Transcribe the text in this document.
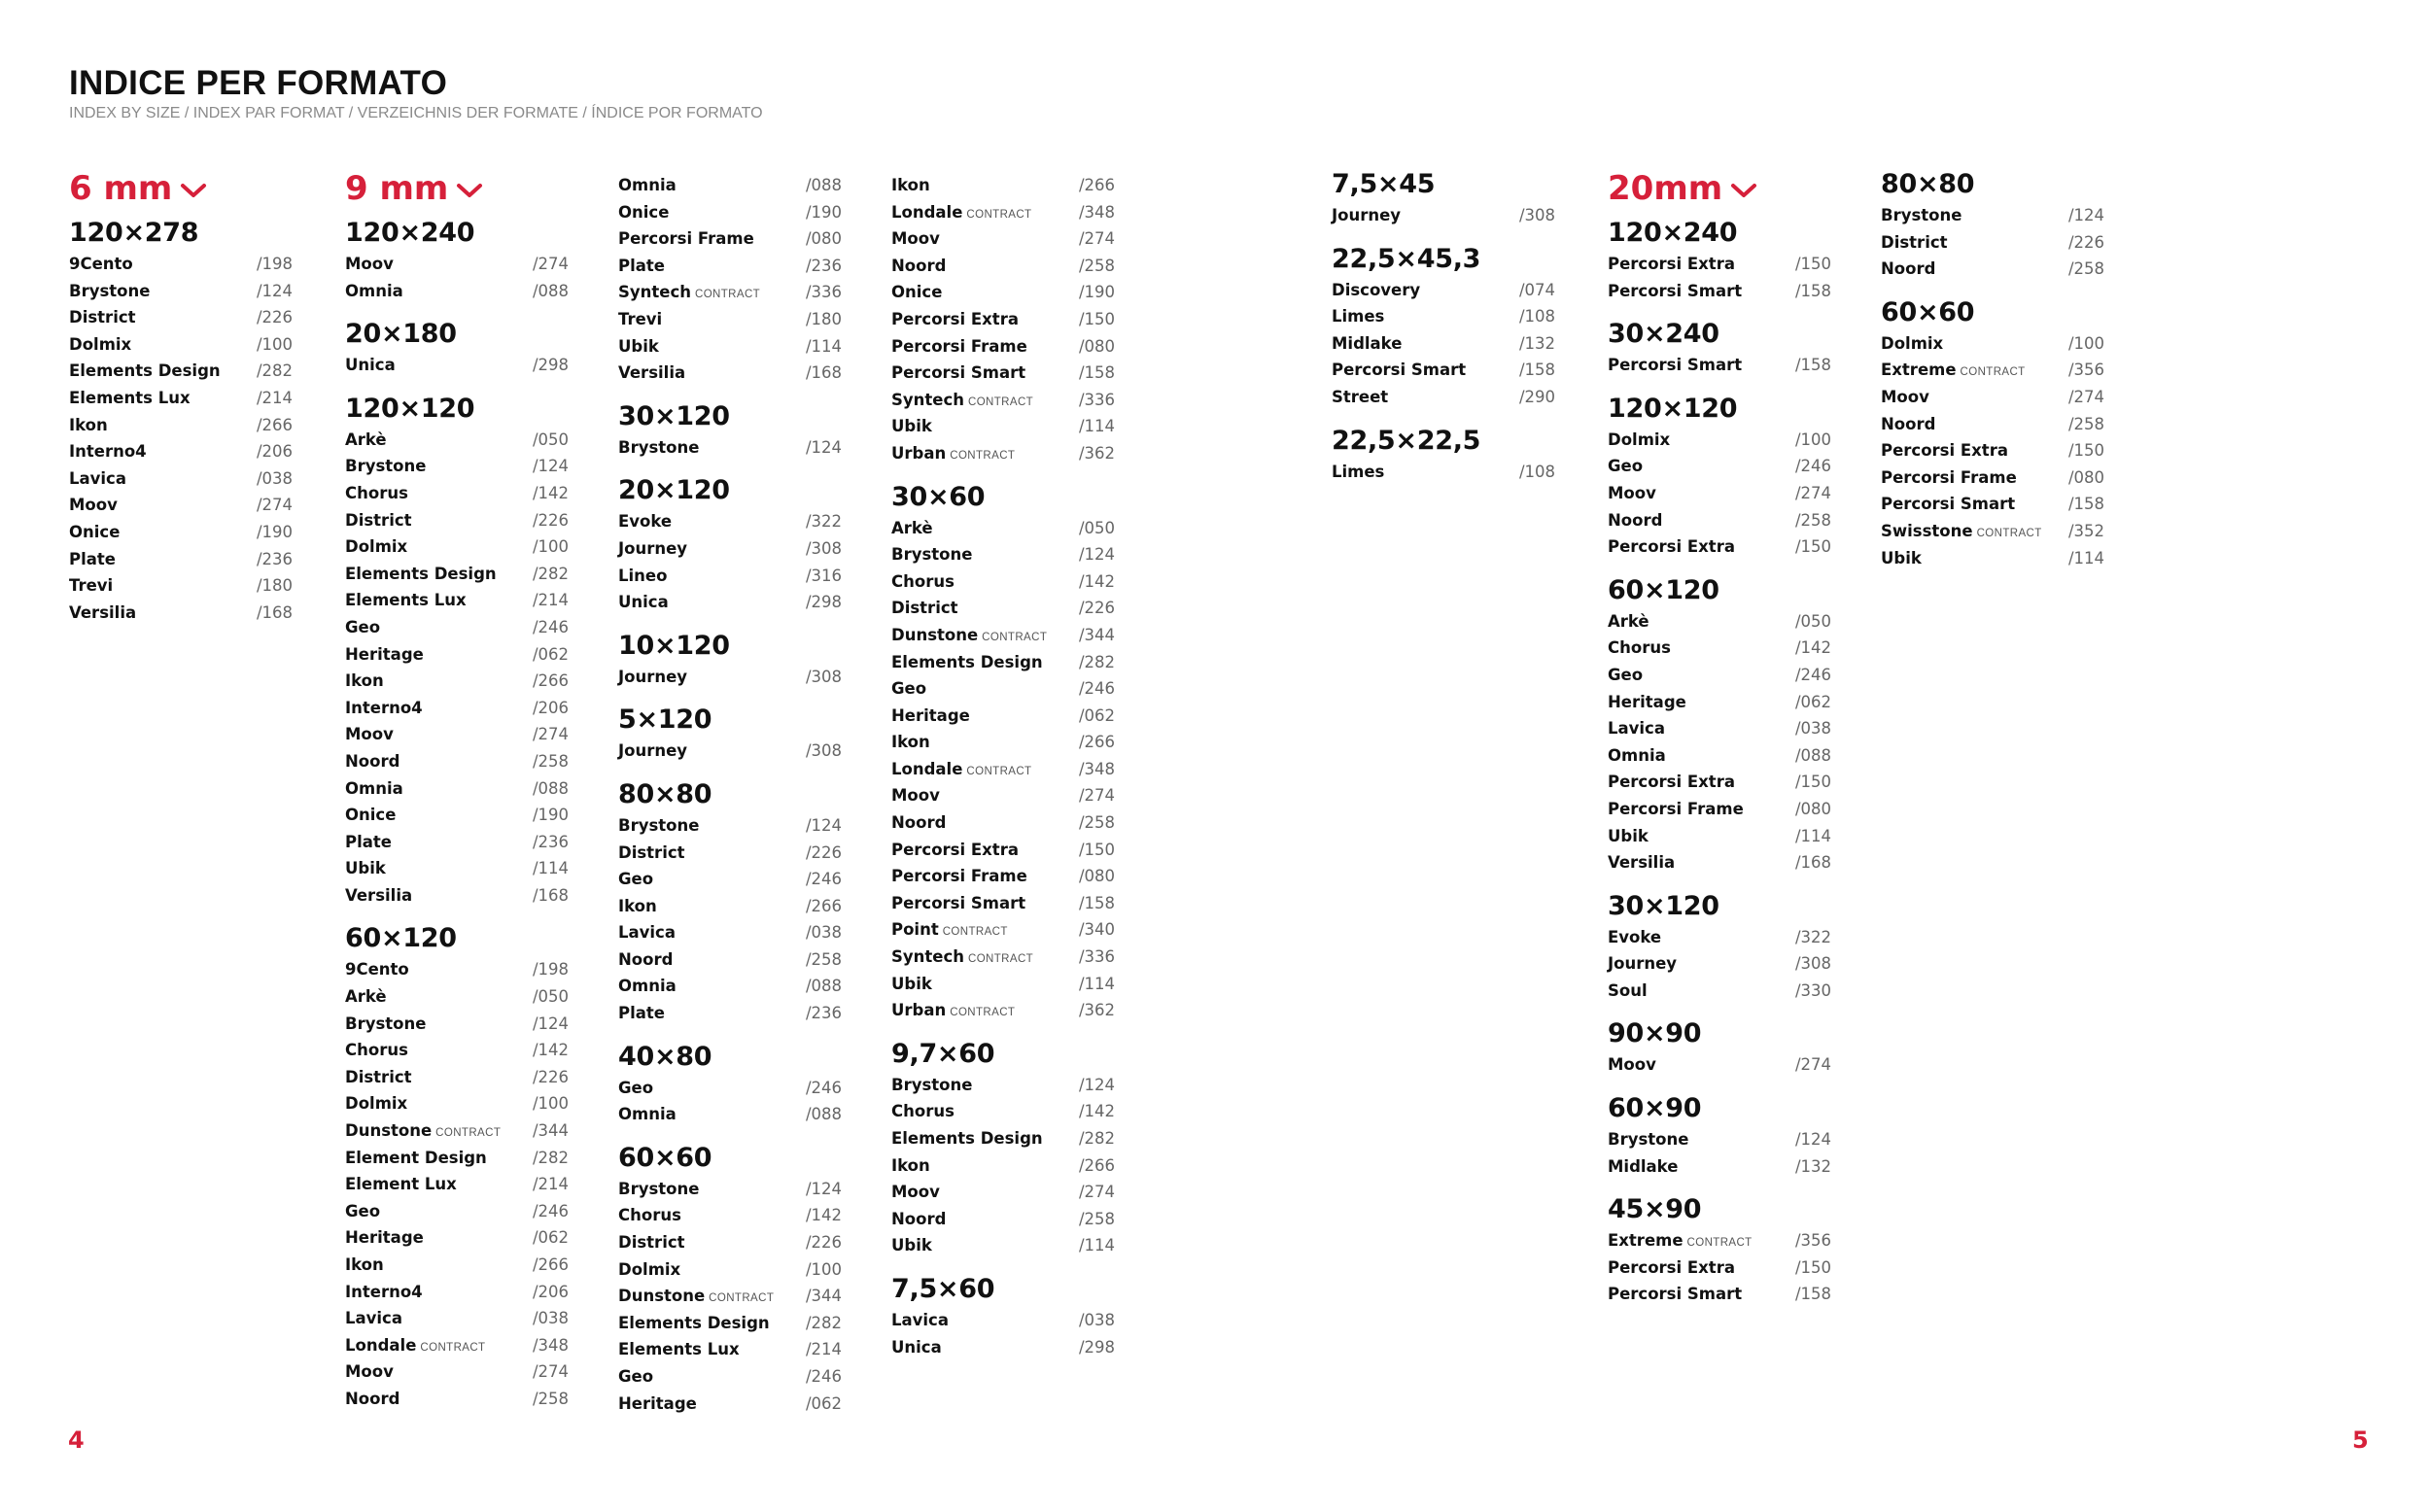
INDICE PER FORMATO
INDEX BY SIZE / INDEX PAR FORMAT / VERZEICHNIS DER FORMATE / ÍNDICE POR FORMATO
6 mm
120×278
9Cento	/198
Brystone	/124
District	/226
Dolmix	/100
Elements Design /282
Elements Lux	/214
Ikon	/266
Interno4	/206
Lavica	/038
Moov	/274
Onice	/190
Plate	/236
Trevi	/180
Versilia	/168
9 mm
120×240
Moov	/274
Omnia	/088
20×180
Unica	/298
120×120
Arkè	/050
Brystone	/124
Chorus	/142
District	/226
Dolmix	/100
Elements Design /282
Elements Lux	/214
Geo	/246
Heritage	/062
Ikon	/266
Interno4	/206
Moov	/274
Noord	/258
Omnia	/088
Onice	/190
Plate	/236
Ubik	/114
Versilia	/168
60×120
9Cento	/198
Arkè	/050
Brystone	/124
Chorus	/142
District	/226
Dolmix	/100
Dunstone CONTRACT /344
Element Design	/282
Element Lux	/214
Geo	/246
Heritage	/062
Ikon	/266
Interno4	/206
Lavica	/038
Londale CONTRACT	/348
Moov	/274
Noord	/258
Omnia	/088
Onice	/190
Percorsi Frame	/080
Plate	/236
Syntech CONTRACT	/336
Trevi	/180
Ubik	/114
Versilia	/168
30×120
Brystone	/124
20×120
Evoke	/322
Journey	/308
Lineo	/316
Unica	/298
10×120
Journey	/308
5×120
Journey	/308
80×80
Brystone	/124
District	/226
Geo	/246
Ikon	/266
Lavica	/038
Noord	/258
Omnia	/088
Plate	/236
40×80
Geo	/246
Omnia	/088
60×60
Brystone	/124
Chorus	/142
District	/226
Dolmix	/100
Dunstone CONTRACT /344
Elements Design /282
Elements Lux	/214
Geo	/246
Heritage	/062
Ikon	/266
Londale CONTRACT	/348
Moov	/274
Noord	/258
Onice	/190
Percorsi Extra	/150
Percorsi Frame	/080
Percorsi Smart	/158
Syntech CONTRACT	/336
Ubik	/114
Urban CONTRACT	/362
30×60
Arkè	/050
Brystone	/124
Chorus	/142
District	/226
Dunstone CONTRACT /344
Elements Design /282
Geo	/246
Heritage	/062
Ikon	/266
Londale CONTRACT	/348
Moov	/274
Noord	/258
Percorsi Extra	/150
Percorsi Frame	/080
Percorsi Smart	/158
Point CONTRACT	/340
Syntech CONTRACT	/336
Ubik	/114
Urban CONTRACT	/362
9,7×60
Brystone	/124
Chorus	/142
Elements Design /282
Ikon	/266
Moov	/274
Noord	/258
Ubik	/114
7,5×60
Lavica	/038
Unica	/298
7,5×45
Journey	/308
22,5×45,3
Discovery	/074
Limes	/108
Midlake	/132
Percorsi Smart	/158
Street	/290
22,5×22,5
Limes	/108
20mm
120×240
Percorsi Extra	/150
Percorsi Smart	/158
30×240
Percorsi Smart	/158
120×120
Dolmix	/100
Geo	/246
Moov	/274
Noord	/258
Percorsi Extra	/150
60×120
Arkè	/050
Chorus	/142
Geo	/246
Heritage	/062
Lavica	/038
Omnia	/088
Percorsi Extra	/150
Percorsi Frame	/080
Ubik	/114
Versilia	/168
30×120
Evoke	/322
Journey	/308
Soul	/330
90×90
Moov	/274
60×90
Brystone	/124
Midlake	/132
45×90
Extreme CONTRACT	/356
Percorsi Extra	/150
Percorsi Smart	/158
80×80
Brystone	/124
District	/226
Noord	/258
60×60
Dolmix	/100
Extreme CONTRACT	/356
Moov	/274
Noord	/258
Percorsi Extra	/150
Percorsi Frame	/080
Percorsi Smart	/158
Swisstone CONTRACT /352
Ubik	/114
4	5
